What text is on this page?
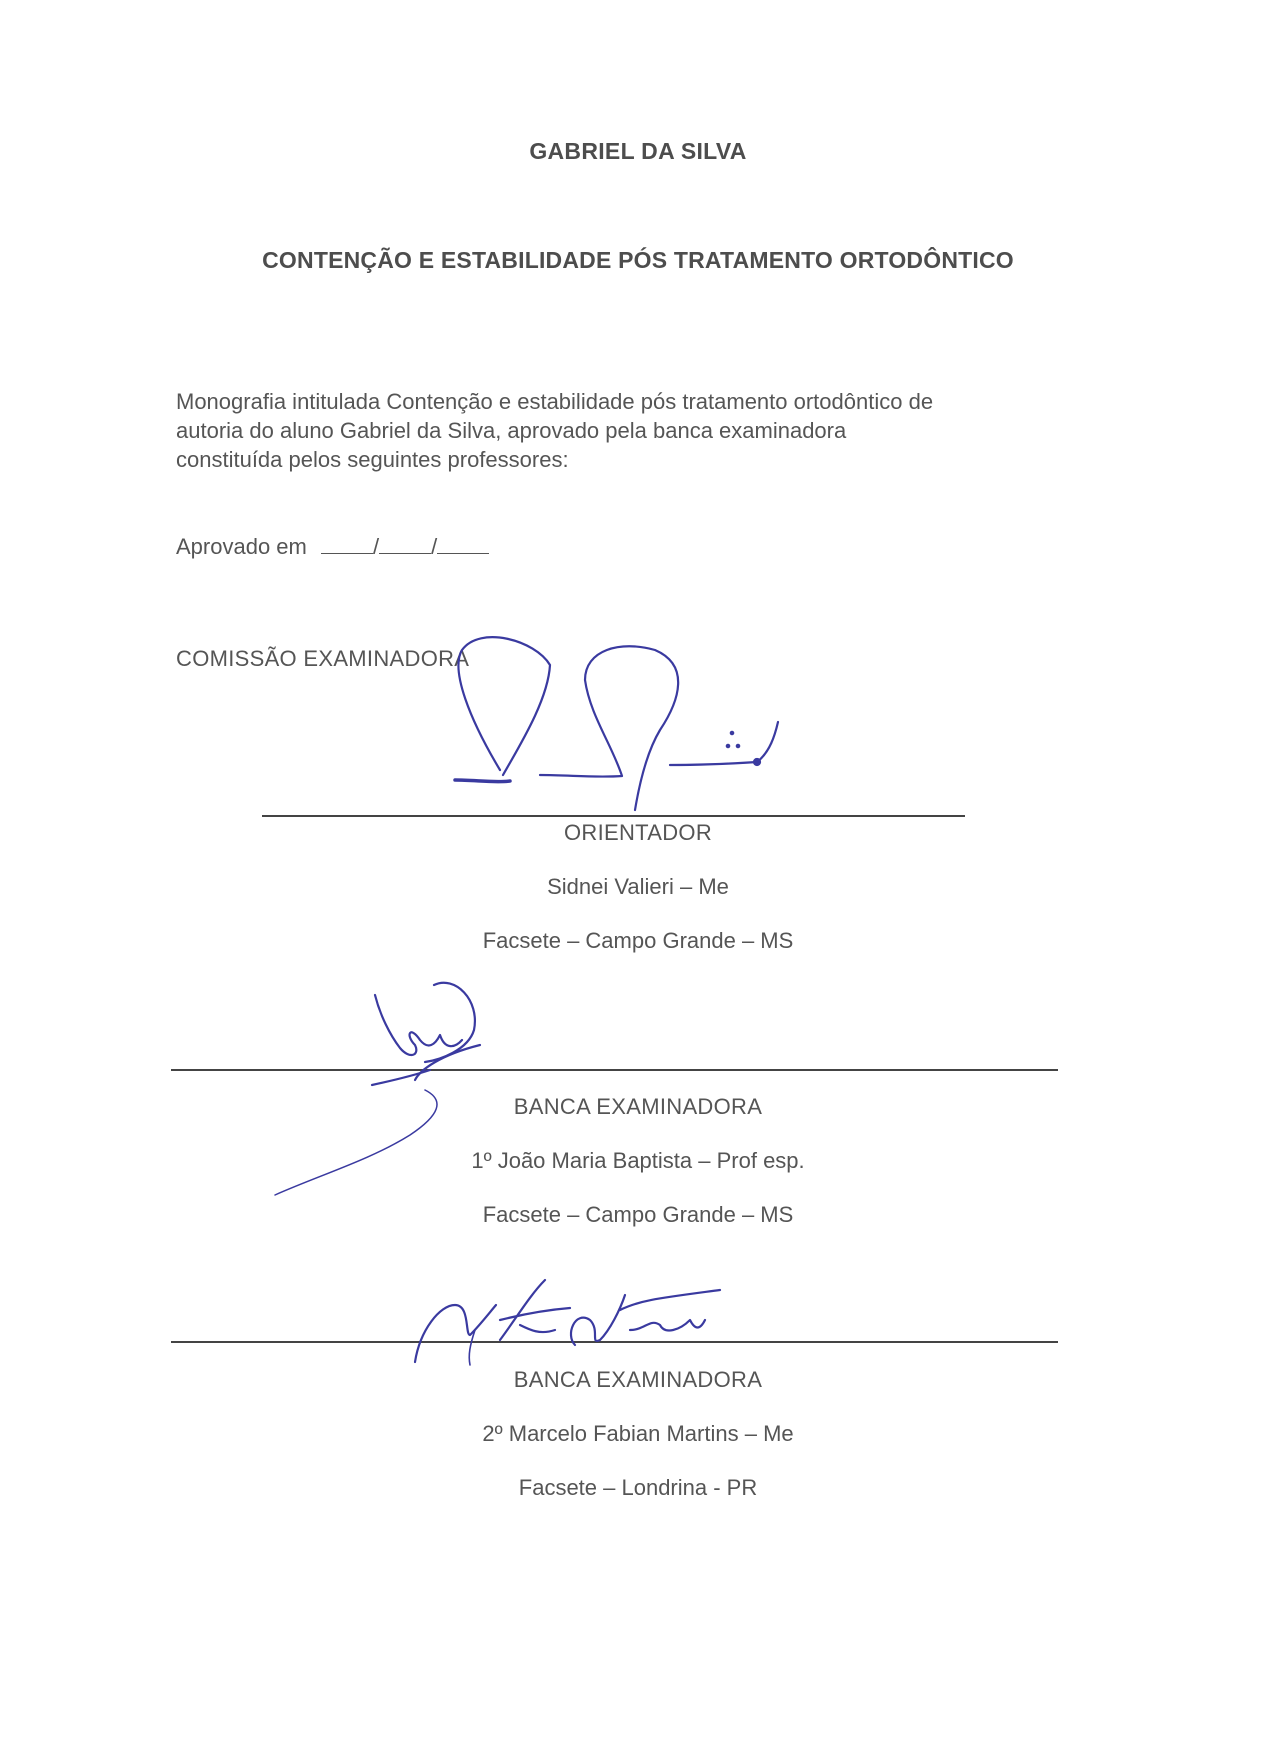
GABRIEL DA SILVA
CONTENÇÃO E ESTABILIDADE PÓS TRATAMENTO ORTODÔNTICO
Monografia intitulada Contenção e estabilidade pós tratamento ortodôntico de
autoria do aluno Gabriel da Silva, aprovado pela banca examinadora
constituída pelos seguintes professores:
Aprovado em	/ /
COMISSÃO EXAMINADORA
ORIENTADOR
Sidnei Valieri – Me
Facsete – Campo Grande – MS
BANCA EXAMINADORA
1º João Maria Baptista – Prof esp.
Facsete – Campo Grande – MS
BANCA EXAMINADORA
2º Marcelo Fabian Martins – Me
Facsete – Londrina - PR
